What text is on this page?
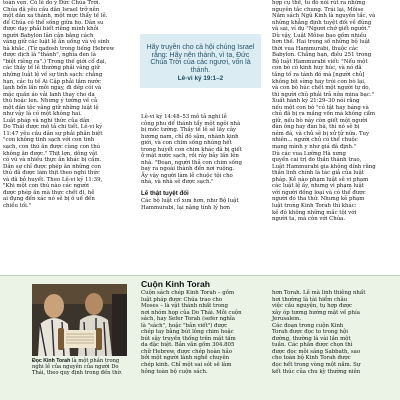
toàn vẹn. Có lẽ do ý Đức Chúa Trời.

Chúa đã yêu cầu dân Israel trở nên

một dân xa thánh, một mực thẩy tế lễ.

để Chúa có thể sống giữa họ. Dân su

được dạy phải biết riêng mình khỏi

người Babylon lân cận bằng cách

vâng giữ các luật lệ ăn uống và vệ sinh

hà khắc. (Từ qadosh trong tiếng Hebrew

được dịch là "thánh", nghĩa đen là

"biệt riêng ra".) Trong thế giới cổ đại,

các thầy tế lễ thường phải vâng giữ

những luật lệ về sự tinh sạch: chẳng

hạn, các tu tế Ai Cập phải tắm nước

lạnh bốn lần mỗi ngày, đi dép cói và

mặc quần áo vải lanh thay cho da

thú hoặc len. Nhưng ý tưởng về cả

một dân tộc vâng giữ những luật lệ

như vậy là có một không hai.

Luật pháp và nghi thức của dân

Do Thái được mô tả chi tiết. Lê-vi ký

11:47 yêu cầu dân sự phải phân biệt

"con không tinh sạch với con tinh

sạch, con thú ăn được cùng con thú

không ăn được." Thịt lợn, dông vật

có vú và nhiều thực ăn khác bị cấm.

Dân sự chỉ được phép ăn những con

thú đã được làm thịt theo nghi thức

và đã bỏ huyết. Theo Lê-vi ký 11:39,

"Khi một con thú nào các người

được phép ăn mà thực chết đi, hễ

ai đụng đến xác nó sẽ bị ô uế đến

chiều tối."

Hãy truyền cho cả hội chúng Israel rằng: Hãy nên thánh, vì ta, Đức Chúa Trời của các ngươi, vốn là thánh.

Lê-vi ký 19:1–2

Lê-vi ký 14:48–53 mô tả nghi lễ

công phu để thánh tẩy một ngôi nhà

bị mốc tường. Thầy tế lễ sẽ lấy cây

hương nam, chỉ đỏ sậm, nhành kinh

giới, và con chim sống nhúng hết

trong huyết con chim khác đã bị giết

ở mặt nước sạch, rồi rảy bảy lần lên

nhà. "Đoạn, người thả con chim sống

bay ra ngoài thành đến nơi ruộng.

Ấy vậy người làm lễ chuộc tội cho

nhà, và nhà sẽ được sạch."

Lẽ thật tuyệt đối

Các bộ luật cổ xưa hơn, như Bộ luật

Hammurabi, lại nặng tính lý hơn

hợp cụ thể, tu đó nói rút ra những

nguyên tắc chung. Trái lại, Môise

Năm sách Ngũ Kinh là nguyên tắc, và

những khẳng định tuyệt đối về đúng

và sai, ví dụ "Ngươi chớ giết người."

Dù vậy, Luật Môise bao gồm nhiều

hơn thế. Hai trong số những bộ luật

thời vua Hammurabi, thuộc các

Babylon. Chẳng hạn, điều 251 trong

Bộ luật Hammurabi viết: "Nếu một

con bò có kinh huy húc, và nó đã

tăng tố ra tánh đó mà [người chủ]

không bít sừng hay trói con bò lại,

và con bò húc chết một người tự do,

thì người chủ phải trả nửa mina bạc."

Xuất hành ký 21:29–30 nói rằng

nếu một con bò "có tật hay báng và

chủ đã bị ra mắng vốn mà không cẩm

giữ, nếu bò này còn giết một người

đàn ông hay đàn bà, thì nó sẽ bị

ném đá, và chủ sẽ bị xử tử nữa. Tuy

nhiên... người chủ có thể chuộc

mạng mình y như giá đã định."

Dù các vua Lưỡng Hà xưng

quyền cai trị do thần thánh trao,

Luật Hammurabi gia không dính rằng

thần linh chính là tác giả của luật

pháp. Kẻ nào phạm luật sẽ vi phạm

các luật lệ ấy, nhưng vi phạm luật

với người đồng loại và có thể được

người đó tha thứ. Nhưng kẻ phạm

luật trong Kinh Torah thì khác:

kẻ đó không những mắc tội với

người ta, mà còn với Chúa.

Đọc Kinh Torah là một phần trong nghi lễ của nguyên của người Do Thái, theo quy định trong đền thờ.

Cuộn Kinh Torah

Cuộn sách chép Kinh Torah – gồm

luật pháp được Chúa trao cho

Moses – là vật thánh nhất trong

nơi nhóm họp của Do Thái. Mỗi cuộn

sách, hay Sefer Torah (sefer nghĩa

là "sách", hoặc "bản viết") được

chép tay bằng bút lông chim hoặc

bút sậy truyền thống trên mặt tấm

da đặc biệt. Bản văn gồm 304.805

chữ Hebrew, được chép hoàn hảo

bởi một người lành nghề chuyên

chép kinh. Chỉ một sai sót sẽ làm

hỏng toàn bộ cuộn sách.

hơn Torah. Lễ mà linh thiêng nhất

hơi thường là tài hiểm châu

việc cầu nguyện, tụ hợp được

xây óp tương hướng mặt về phía

Jerusalem.

Các đoạn trong cuộn Kinh

Torah được đọc to trong hội

đường, thường là vài lần một

tuần. Các phần được chọn thì

được đọc mỗi sáng Sabbath, sao

cho toàn bộ Kinh Torah được

đọc hết trong vòng một năm. Sự

kết thúc của chu kỳ thường niên
